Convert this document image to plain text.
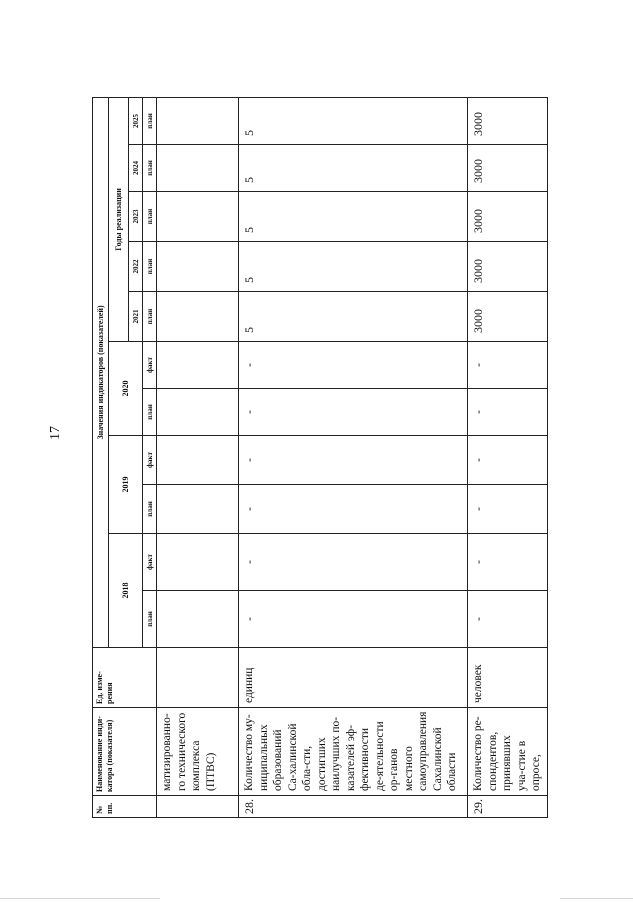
17
№ пп.	Наименование инди-катора (показателя)	Ед. изме-рения	Значения индикаторов (показателей)										
			2018		2019		2020		Годы реализации				
									2021	2022	2023	2024	2025
			план	факт	план	факт	план	факт	план	план	план	план	план
	матизированно-го технического комплекса (ПТВС)												
28.	Количество му-ниципальных образований Са-халинской обла-сти, достигших наилучших по-казателей эф-фективности де-ятельности ор-ганов местного самоуправления Сахалинской области	единиц	-	-	-	-	-	-	5	5	5	5	5
29.	Количество ре-спондентов, принявших уча-стие в опросе,	человек	-	-	-	-	-	-	3000	3000	3000	3000	3000
